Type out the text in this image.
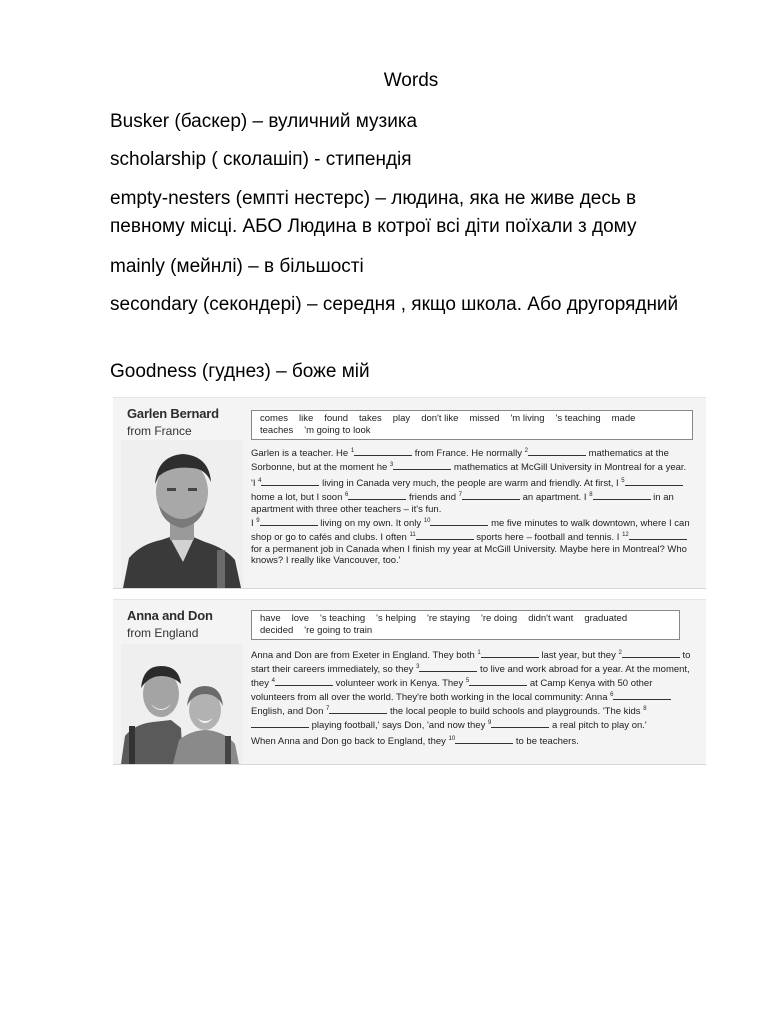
Words

Busker (баскер) – вуличний музика

scholarship ( сколашіп) - стипендія

empty-nesters (емпті нестерс) – людина, яка не живе десь в певному місці. АБО Людина в котрої всі діти поїхали з дому

mainly (мейнлі) – в більшості

secondary (секондері) – середня , якщо школа. Або другорядний

Goodness (гуднез) – боже мій

Garlen Bernard
from France
comes like found takes play don't like missed 'm living 's teaching madeteaches 'm going to look

Garlen is a teacher. He $^1$	from France. He normally $^2$	mathematics at the Sorbonne, but at the moment he $^3$	mathematics at McGill University in Montreal for a year.

'I $^4$	living in Canada very much, the people are warm and friendly. At first, I $^5$ home a lot, but I soon $^6$	friends and $^7$	an apartment. I $^8$	in an apartment with three other teachers – it's fun.
I $^9$	living on my own. It only $^{10}$	me five minutes to walk downtown, where I can shop or go to cafés and clubs. I often $^{11}$	sports here – football and tennis. I $^{12}$ for a permanent job in Canada when I finish my year at McGill University. Maybe here in Montreal? Who knows? I really like Vancouver, too.'

Anna and Don
from England
have love 's teaching 's helping 're staying 're doing didn't want graduateddecided 're going to train

Anna and Don are from Exeter in England. They both $^1$	last year, but they $^2$	to start their careers immediately, so they $^3$	to live and work abroad for a year. At the moment, they $^4$	volunteer work in Kenya. They $^5$	at Camp Kenya with 50 other volunteers from all over the world. They're both working in the local community: Anna $^6$ English, and Don $^7$	the local people to build schools and playgrounds. 'The kids $^8$ playing football,' says Don, 'and now they $^9$	a real pitch to play on.'

When Anna and Don go back to England, they $^{10}$	to be teachers.
